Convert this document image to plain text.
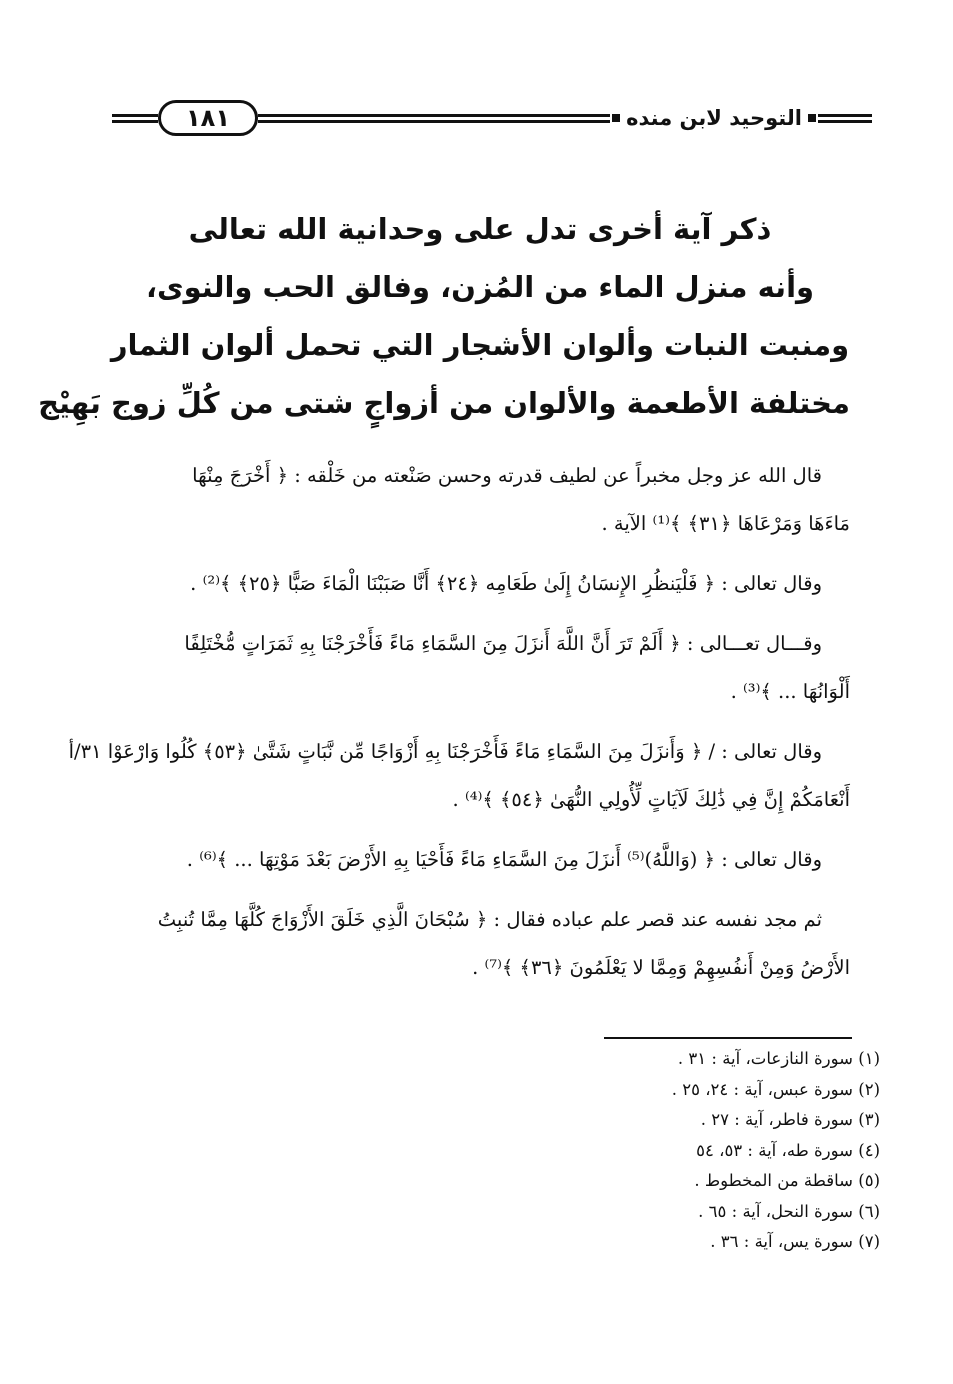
التوحيد لابن منده
١٨١
ذكر آية أخرى تدل على وحدانية الله تعالى
وأنه منزل الماء من المُزن، وفالق الحب والنوى،
ومنبت النبات وألوان الأشجار التي تحمل ألوان الثمار
مختلفة الأطعمة والألوان من أزواجٍ شتى من كُلِّ زوج بَهِيْج
قال الله عز وجل مخبراً عن لطيف قدرته وحسن صَنْعته من خَلْقه : ﴿ أَخْرَجَ مِنْهَا
مَاءَهَا وَمَرْعَاهَا ﴿٣١﴾ ﴾⁽¹⁾ الآية .
وقال تعالى : ﴿ فَلْيَنظُرِ الإِنسَانُ إِلَىٰ طَعَامِه ﴿٢٤﴾ أَنَّا صَبَبْنَا الْمَاءَ صَبًّا ﴿٢٥﴾ ﴾⁽²⁾ .
وقـــال تعـــالى : ﴿ أَلَمْ تَرَ أَنَّ اللَّهَ أَنزَلَ مِنَ السَّمَاءِ مَاءً فَأَخْرَجْنَا بِهِ ثَمَرَاتٍ مُّخْتَلِفًا
أَلْوَانُهَا ... ﴾⁽³⁾ .
وقال تعالى : / ﴿ وَأَنزَلَ مِنَ السَّمَاءِ مَاءً فَأَخْرَجْنَا بِهِ أَزْوَاجًا مِّن نَّبَاتٍ شَتَّىٰ ﴿٥٣﴾ كُلُوا وَارْعَوْا ٣١/أ
أَنْعَامَكُمْ إِنَّ فِي ذَٰلِكَ لَآيَاتٍ لِّأُولِي النُّهَىٰ ﴿٥٤﴾ ﴾⁽⁴⁾ .
وقال تعالى : ﴿ (وَاللَّهُ)⁽⁵⁾ أَنزَلَ مِنَ السَّمَاءِ مَاءً فَأَحْيَا بِهِ الأَرْضَ بَعْدَ مَوْتِهَا ... ﴾⁽⁶⁾ .
ثم مجد نفسه عند قصر علم عباده فقال : ﴿ سُبْحَانَ الَّذِي خَلَقَ الأَزْوَاجَ كُلَّهَا مِمَّا تُنبِتُ
الأَرْضُ وَمِنْ أَنفُسِهِمْ وَمِمَّا لا يَعْلَمُونَ ﴿٣٦﴾ ﴾⁽⁷⁾ .
(١) سورة النازعات، آية : ٣١ .
(٢) سورة عبس، آية : ٢٤، ٢٥ .
(٣) سورة فاطر، آية : ٢٧ .
(٤) سورة طه، آية : ٥٣، ٥٤
(٥) ساقطة من المخطوط .
(٦) سورة النحل، آية : ٦٥ .
(٧) سورة يس، آية : ٣٦ .
